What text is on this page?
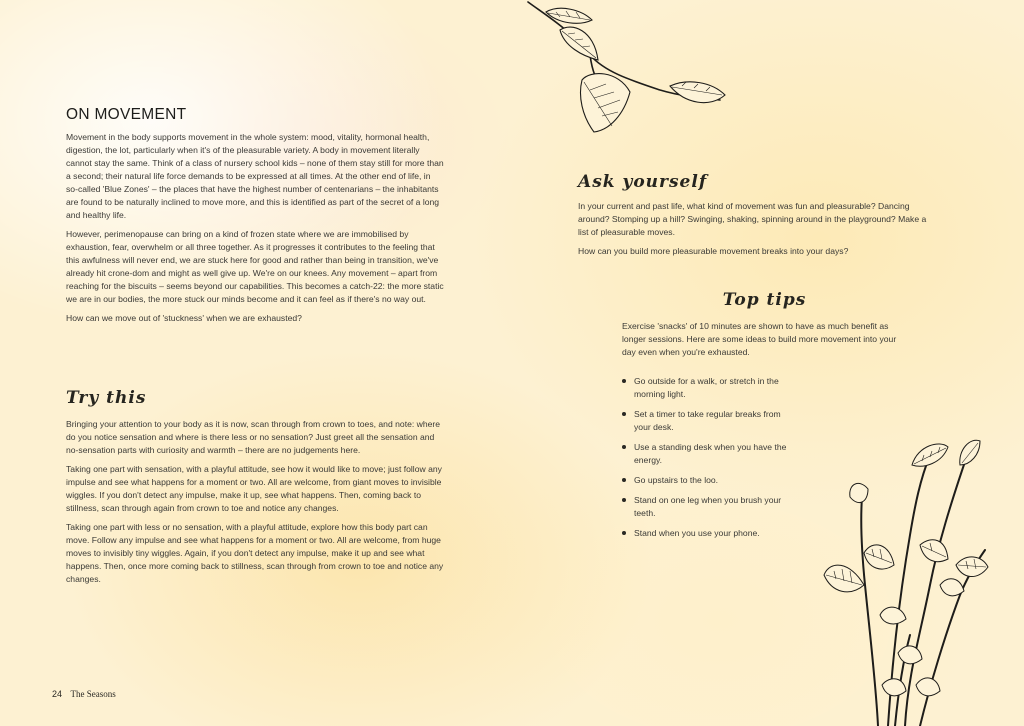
ON MOVEMENT

Movement in the body supports movement in the whole system: mood, vitality, hormonal health, digestion, the lot, particularly when it's of the pleasurable variety. A body in movement literally cannot stay the same. Think of a class of nursery school kids – none of them stay still for more than a second; their natural life force demands to be expressed at all times. At the other end of life, in so-called 'Blue Zones' – the places that have the highest number of centenarians – the inhabitants are found to be naturally inclined to move more, and this is identified as part of the secret of a long and healthy life.

However, perimenopause can bring on a kind of frozen state where we are immobilised by exhaustion, fear, overwhelm or all three together. As it progresses it contributes to the feeling that this awfulness will never end, we are stuck here for good and rather than being in transition, we've already hit crone-dom and might as well give up. We're on our knees. Any movement – apart from reaching for the biscuits – seems beyond our capabilities. This becomes a catch-22: the more static we are in our bodies, the more stuck our minds become and it can feel as if there's no way out.

How can we move out of 'stuckness' when we are exhausted?

Try this

Bringing your attention to your body as it is now, scan through from crown to toes, and note: where do you notice sensation and where is there less or no sensation? Just greet all the sensation and no-sensation parts with curiosity and warmth – there are no judgements here.

Taking one part with sensation, with a playful attitude, see how it would like to move; just follow any impulse and see what happens for a moment or two. All are welcome, from giant moves to invisible wiggles. If you don't detect any impulse, make it up, see what happens. Then, coming back to stillness, scan through again from crown to toe and notice any changes.

Taking one part with less or no sensation, with a playful attitude, explore how this body part can move. Follow any impulse and see what happens for a moment or two. All are welcome, from huge moves to invisibly tiny wiggles. Again, if you don't detect any impulse, make it up and see what happens. Then, once more coming back to stillness, scan through from crown to toe and notice any changes.

24 The Seasons
Ask yourself

In your current and past life, what kind of movement was fun and pleasurable? Dancing around? Stomping up a hill? Swinging, shaking, spinning around in the playground? Make a list of pleasurable moves.

How can you build more pleasurable movement breaks into your days?

Top tips

Exercise 'snacks' of 10 minutes are shown to have as much benefit as longer sessions. Here are some ideas to build more movement into your day even when you're exhausted.

Go outside for a walk, or stretch in the morning light.
Set a timer to take regular breaks from your desk.
Use a standing desk when you have the energy.
Go upstairs to the loo.
Stand on one leg when you brush your teeth.
Stand when you use your phone.
